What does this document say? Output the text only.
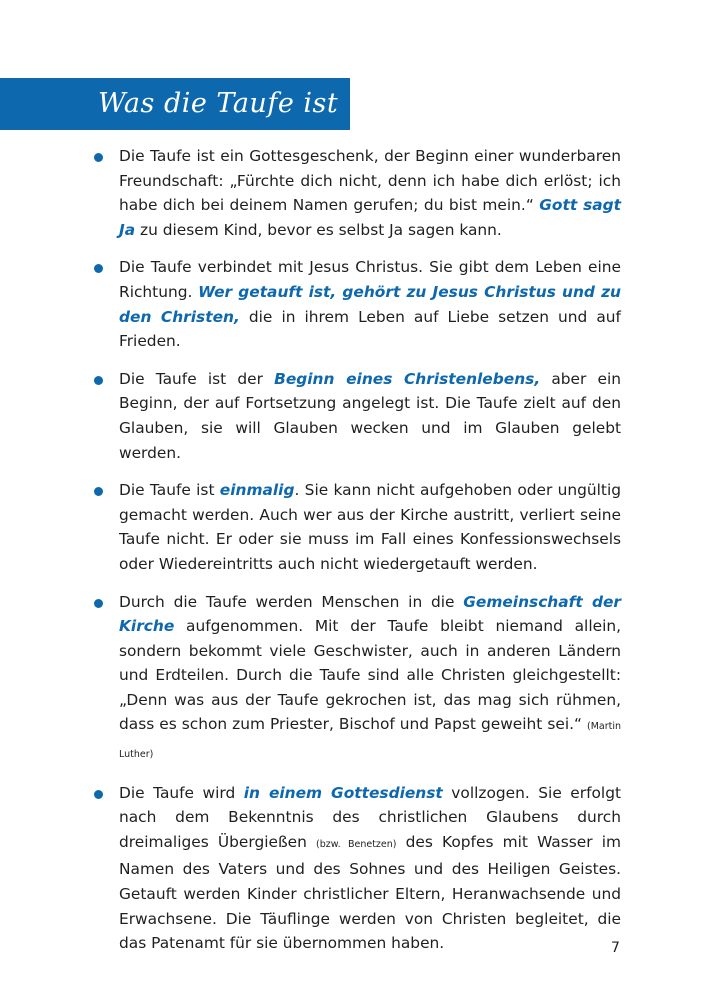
Was die Taufe ist

Die Taufe ist ein Gottesgeschenk, der Beginn einer wunderbaren Freundschaft: „Fürchte dich nicht, denn ich habe dich erlöst; ich habe dich bei deinem Namen gerufen; du bist mein.“ Gott sagt Ja zu diesem Kind, bevor es selbst Ja sagen kann.

Die Taufe verbindet mit Jesus Christus. Sie gibt dem Leben eine Richtung. Wer getauft ist, gehört zu Jesus Christus und zu den Christen, die in ihrem Leben auf Liebe setzen und auf Frieden.

Die Taufe ist der Beginn eines Christenlebens, aber ein Beginn, der auf Fortsetzung angelegt ist. Die Taufe zielt auf den Glauben, sie will Glauben wecken und im Glauben gelebt werden.

Die Taufe ist einmalig. Sie kann nicht aufgehoben oder ungültig gemacht werden. Auch wer aus der Kirche austritt, verliert seine Taufe nicht. Er oder sie muss im Fall eines Konfessionswechsels oder Wiedereintritts auch nicht wiedergetauft werden.

Durch die Taufe werden Menschen in die Gemeinschaft der Kirche aufgenommen. Mit der Taufe bleibt niemand allein, sondern bekommt viele Geschwister, auch in anderen Ländern und Erdteilen. Durch die Taufe sind alle Christen gleichgestellt: „Denn was aus der Taufe gekrochen ist, das mag sich rühmen, dass es schon zum Priester, Bischof und Papst geweiht sei.“ (Martin Luther)

Die Taufe wird in einem Gottesdienst vollzogen. Sie erfolgt nach dem Bekenntnis des christlichen Glaubens durch dreimaliges Übergießen (bzw. Benetzen) des Kopfes mit Wasser im Namen des Vaters und des Sohnes und des Heiligen Geistes. Getauft werden Kinder christlicher Eltern, Heranwachsende und Erwachsene. Die Täuflinge werden von Christen begleitet, die das Patenamt für sie übernommen haben.	7
